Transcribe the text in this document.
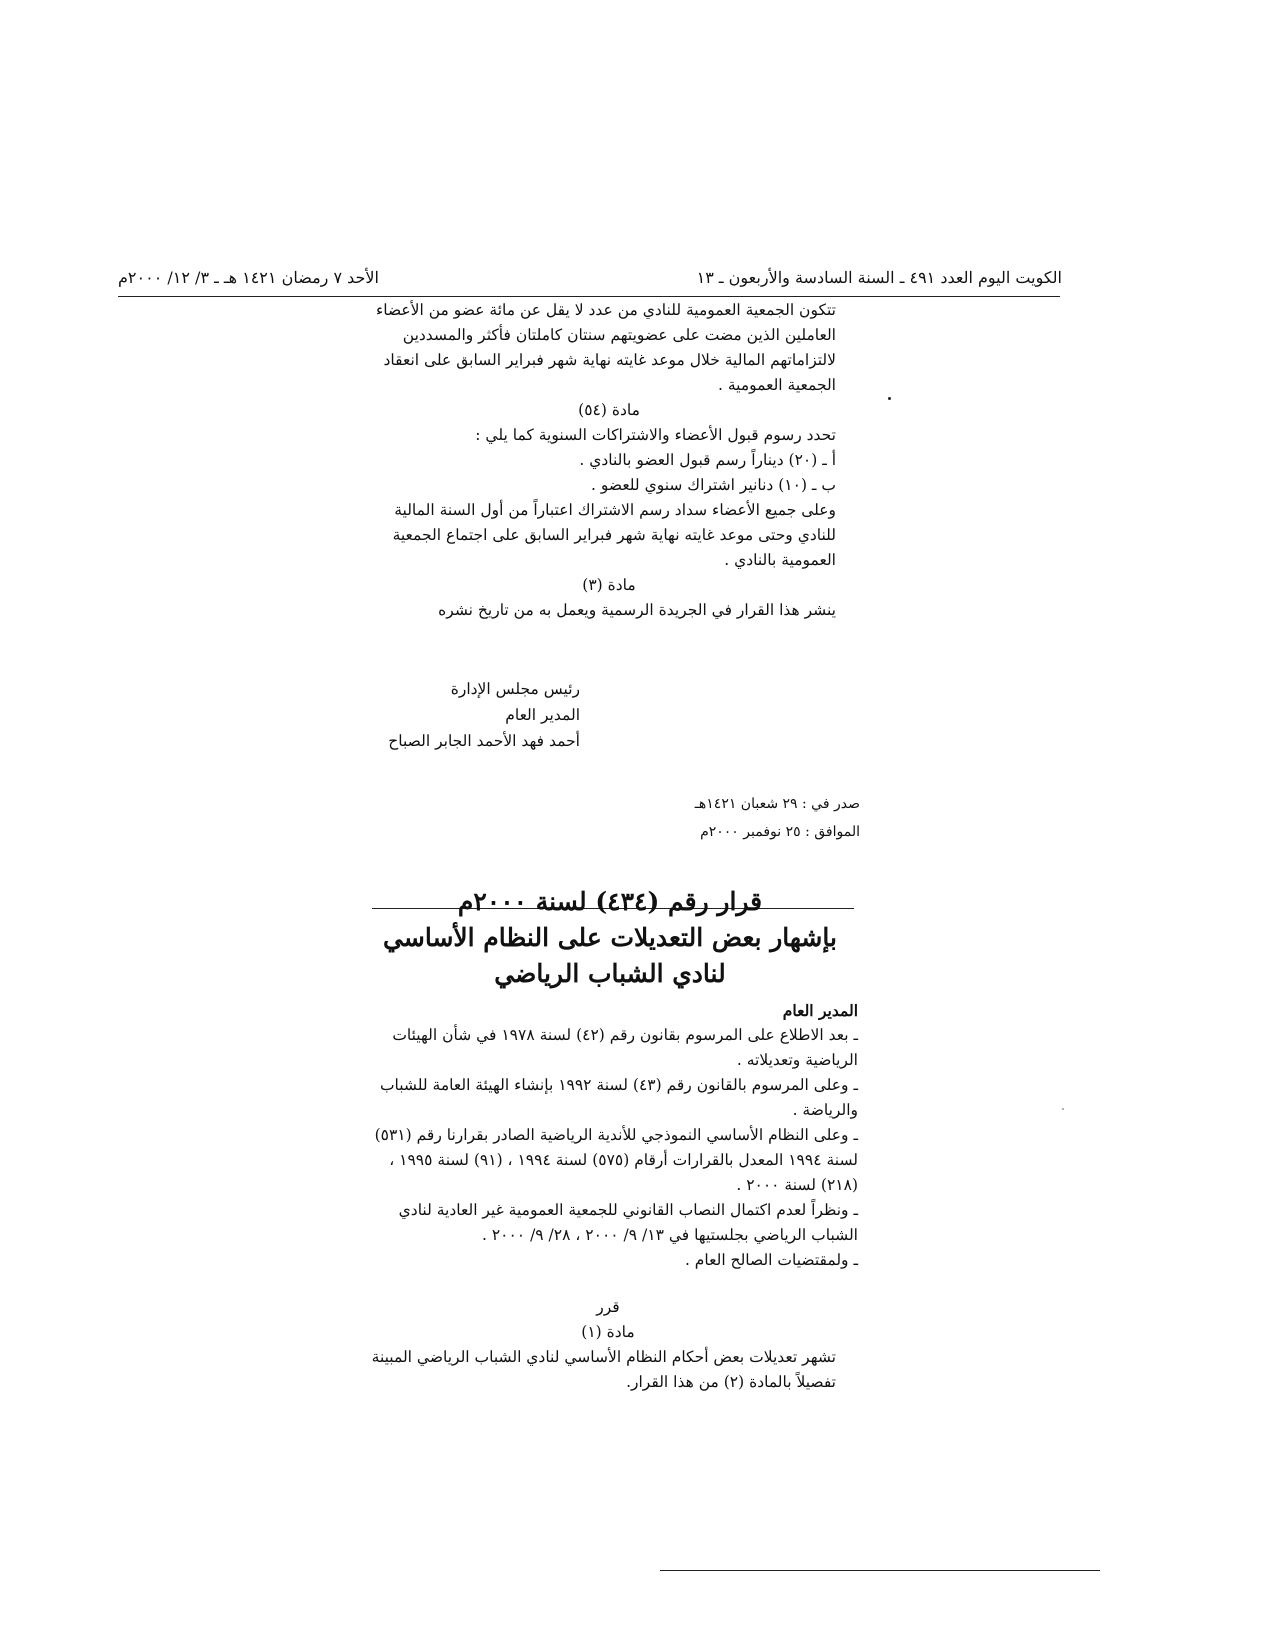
الكويت اليوم العدد ٤٩١ ـ السنة السادسة والأربعون ـ ١٣
الأحد ٧ رمضان ١٤٢١ هـ ـ ٣/ ١٢/ ٢٠٠٠م

تتكون الجمعية العمومية للنادي من عدد لا يقل عن مائة عضو من الأعضاء العاملين الذين مضت على عضويتهم سنتان كاملتان فأكثر والمسددين لالتزاماتهم المالية خلال موعد غايته نهاية شهر فبراير السابق على انعقاد الجمعية العمومية .

مادة (٥٤)

تحدد رسوم قبول الأعضاء والاشتراكات السنوية كما يلي :

أ ـ (٢٠) ديناراً رسم قبول العضو بالنادي .

ب ـ (١٠) دنانير اشتراك سنوي للعضو .

وعلى جميع الأعضاء سداد رسم الاشتراك اعتباراً من أول السنة المالية للنادي وحتى موعد غايته نهاية شهر فبراير السابق على اجتماع الجمعية العمومية بالنادي .

مادة (٣)

ينشر هذا القرار في الجريدة الرسمية ويعمل به من تاريخ نشره

رئيس مجلس الإدارة
المدير العام
أحمد فهد الأحمد الجابر الصباح
صدر في : ٢٩ شعبان ١٤٢١هـ
الموافق : ٢٥ نوفمبر ٢٠٠٠م
قرار رقم (٤٣٤) لسنة ٢٠٠٠م
بإشهار بعض التعديلات على النظام الأساسي
لنادي الشباب الرياضي

المدير العام

ـ بعد الاطلاع على المرسوم بقانون رقم (٤٢) لسنة ١٩٧٨ في شأن الهيئات الرياضية وتعديلاته .

ـ وعلى المرسوم بالقانون رقم (٤٣) لسنة ١٩٩٢ بإنشاء الهيئة العامة للشباب والرياضة .

ـ وعلى النظام الأساسي النموذجي للأندية الرياضية الصادر بقرارنا رقم (٥٣١) لسنة ١٩٩٤ المعدل بالقرارات أرقام (٥٧٥) لسنة ١٩٩٤ ، (٩١) لسنة ١٩٩٥ ، (٢١٨) لسنة ٢٠٠٠ .

ـ ونظراً لعدم اكتمال النصاب القانوني للجمعية العمومية غير العادية لنادي الشباب الرياضي بجلستيها في ١٣/ ٩/ ٢٠٠٠ ، ٢٨/ ٩/ ٢٠٠٠ .

ـ ولمقتضيات الصالح العام .

قرر

مادة (١)

تشهر تعديلات بعض أحكام النظام الأساسي لنادي الشباب الرياضي المبينة تفصيلاً بالمادة (٢) من هذا القرار.
